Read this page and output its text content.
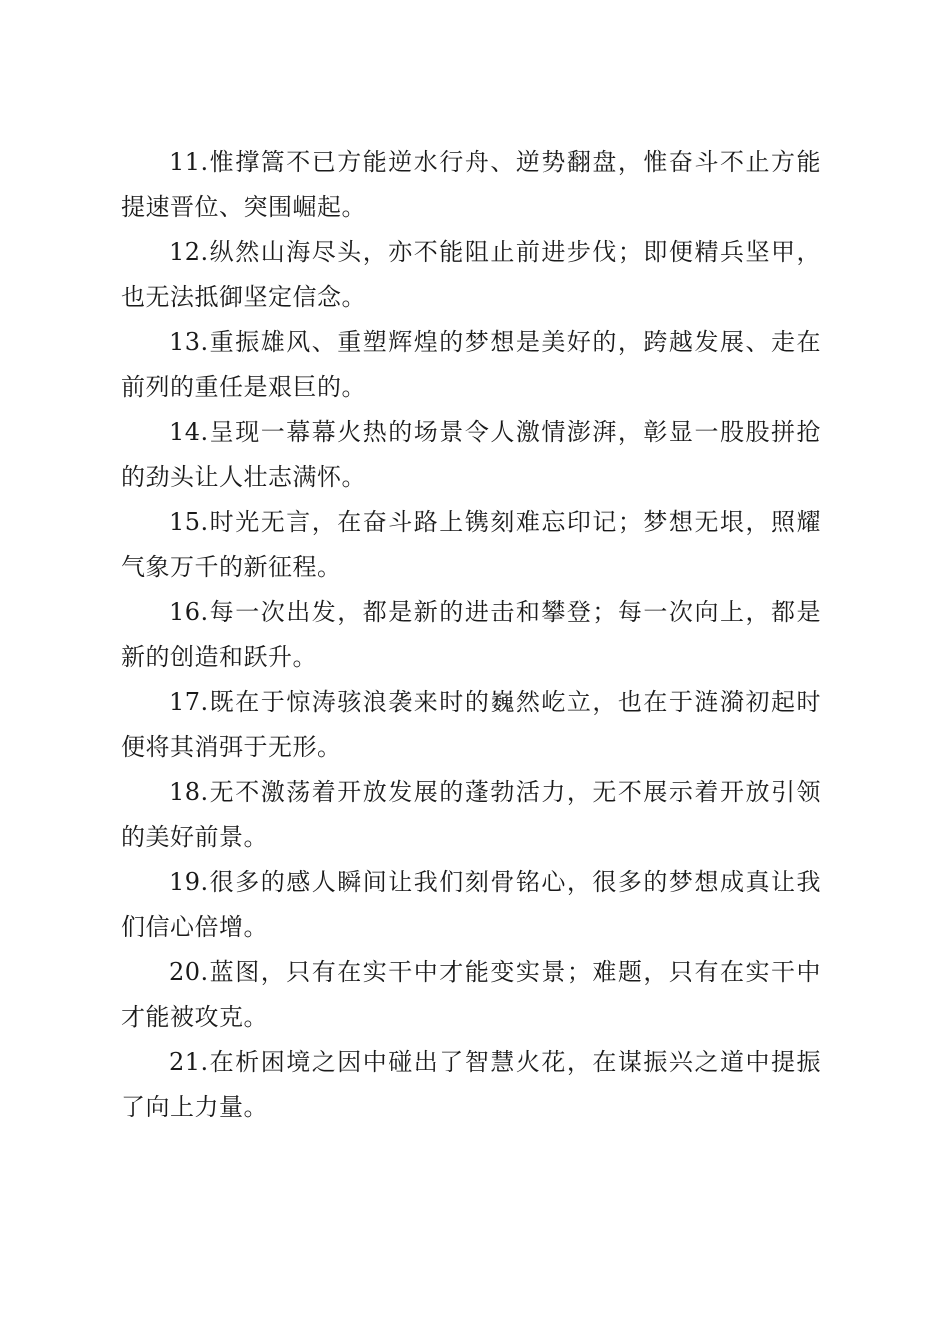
11.惟撑篙不已方能逆水行舟、逆势翻盘，惟奋斗不止方能提速晋位、突围崛起。

12.纵然山海尽头，亦不能阻止前进步伐；即便精兵坚甲，也无法抵御坚定信念。

13.重振雄风、重塑辉煌的梦想是美好的，跨越发展、走在前列的重任是艰巨的。

14.呈现一幕幕火热的场景令人激情澎湃，彰显一股股拼抢的劲头让人壮志满怀。

15.时光无言，在奋斗路上镌刻难忘印记；梦想无垠，照耀气象万千的新征程。

16.每一次出发，都是新的进击和攀登；每一次向上，都是新的创造和跃升。

17.既在于惊涛骇浪袭来时的巍然屹立，也在于涟漪初起时便将其消弭于无形。

18.无不激荡着开放发展的蓬勃活力，无不展示着开放引领的美好前景。

19.很多的感人瞬间让我们刻骨铭心，很多的梦想成真让我们信心倍增。

20.蓝图，只有在实干中才能变实景；难题，只有在实干中才能被攻克。

21.在析困境之因中碰出了智慧火花，在谋振兴之道中提振了向上力量。
